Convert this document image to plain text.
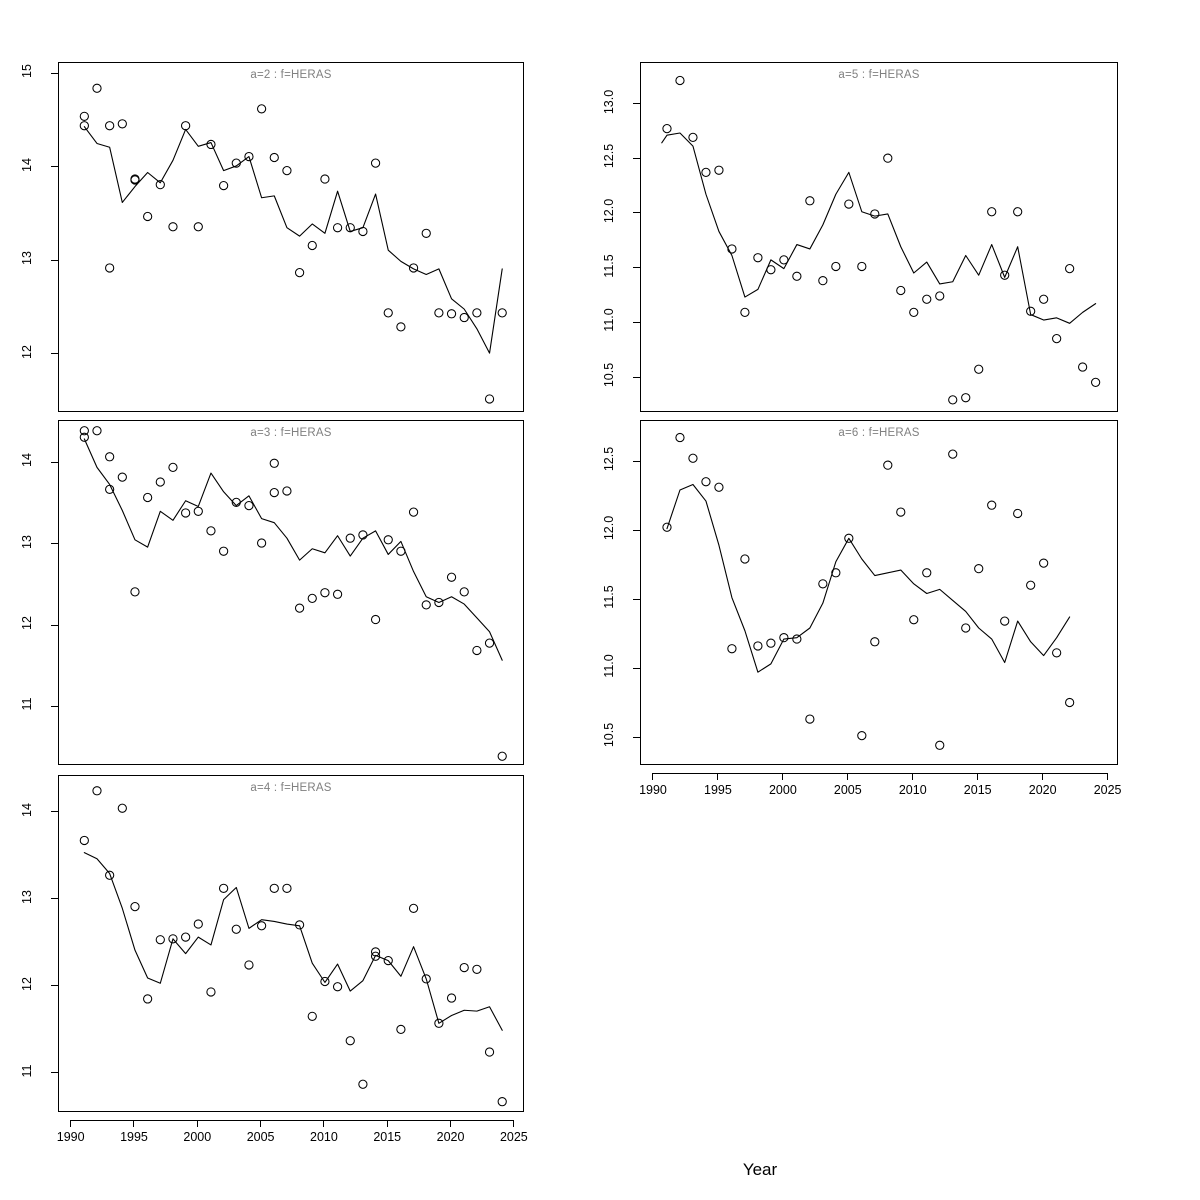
Year
a=2 : f=HERAS
12
13
14
15
a=3 : f=HERAS
11
12
13
14
a=4 : f=HERAS
11
12
13
14
1990	1995	2000	2005	2010	2015	2020	2025
a=5 : f=HERAS
10.5
11.0
11.5
12.0
12.5
13.0
a=6 : f=HERAS
10.5
11.0
11.5
12.0
12.5
1990	1995	2000	2005	2010	2015	2020	2025
